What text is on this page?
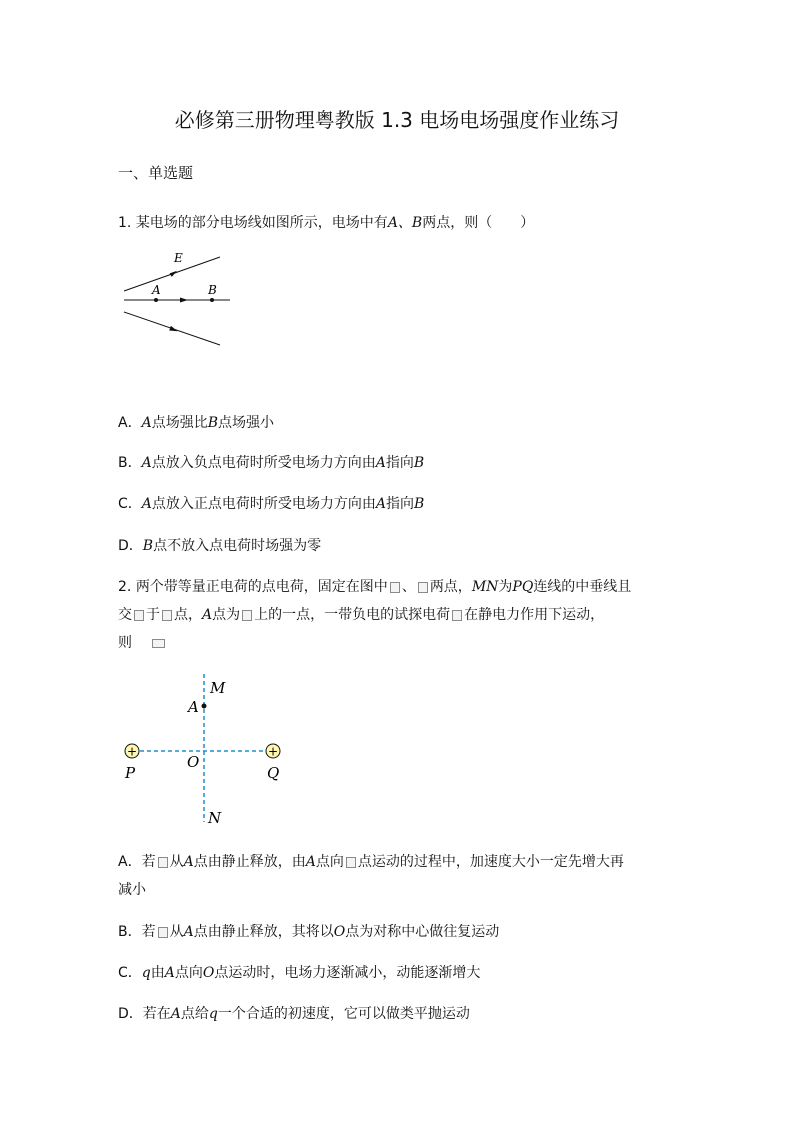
必修第三册物理粤教版 1.3 电场电场强度作业练习
一、单选题
1. 某电场的部分电场线如图所示，电场中有A、B两点，则（　　）
E
A	B
A．A点场强比B点场强小
B．A点放入负点电荷时所受电场力方向由A指向B
C．A点放入正点电荷时所受电场力方向由A指向B
D．B点不放入点电荷时场强为零
2. 两个带等量正电荷的点电荷，固定在图中 、 两点，MN为PQ连线的中垂线且
交 于 点，A点为 上的一点，一带负电的试探电荷 在静电力作用下运动，
则
+	+
M
A
O
P	Q
N
A．若 从A点由静止释放，由A点向 点运动的过程中，加速度大小一定先增大再
减小
B．若 从A点由静止释放，其将以O点为对称中心做往复运动
C．q由A点向O点运动时，电场力逐渐减小，动能逐渐增大
D．若在A点给q一个合适的初速度，它可以做类平抛运动
